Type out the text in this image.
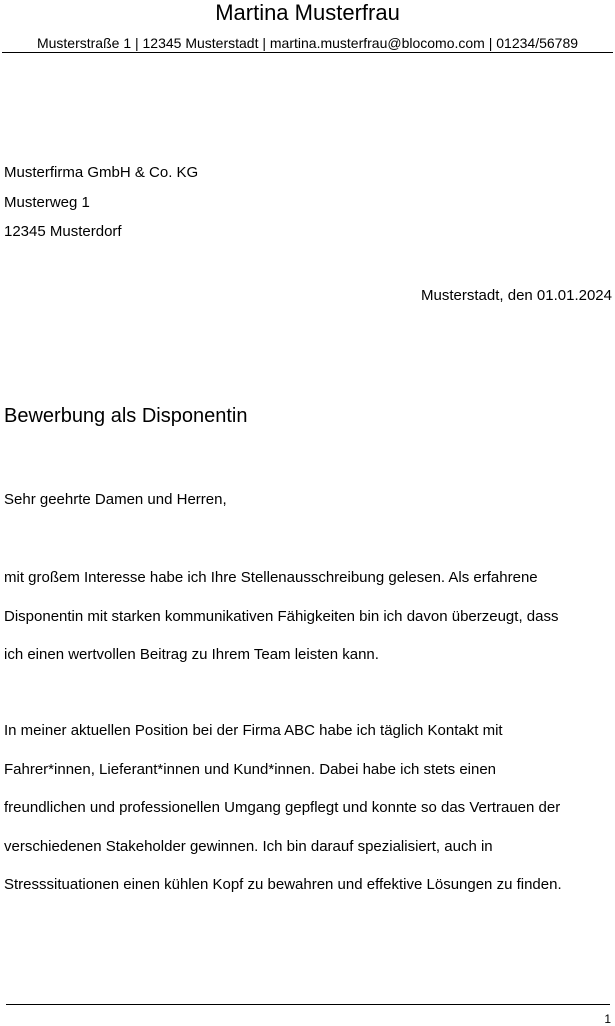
Martina Musterfrau
Musterstraße 1 | 12345 Musterstadt | martina.musterfrau@blocomo.com | 01234/56789
Musterfirma GmbH & Co. KG
Musterweg 1
12345 Musterdorf
Musterstadt, den 01.01.2024
Bewerbung als Disponentin
Sehr geehrte Damen und Herren,
mit großem Interesse habe ich Ihre Stellenausschreibung gelesen. Als erfahrene
Disponentin mit starken kommunikativen Fähigkeiten bin ich davon überzeugt, dass
ich einen wertvollen Beitrag zu Ihrem Team leisten kann.
In meiner aktuellen Position bei der Firma ABC habe ich täglich Kontakt mit
Fahrer*innen, Lieferant*innen und Kund*innen. Dabei habe ich stets einen
freundlichen und professionellen Umgang gepflegt und konnte so das Vertrauen der
verschiedenen Stakeholder gewinnen. Ich bin darauf spezialisiert, auch in
Stresssituationen einen kühlen Kopf zu bewahren und effektive Lösungen zu finden.
1
